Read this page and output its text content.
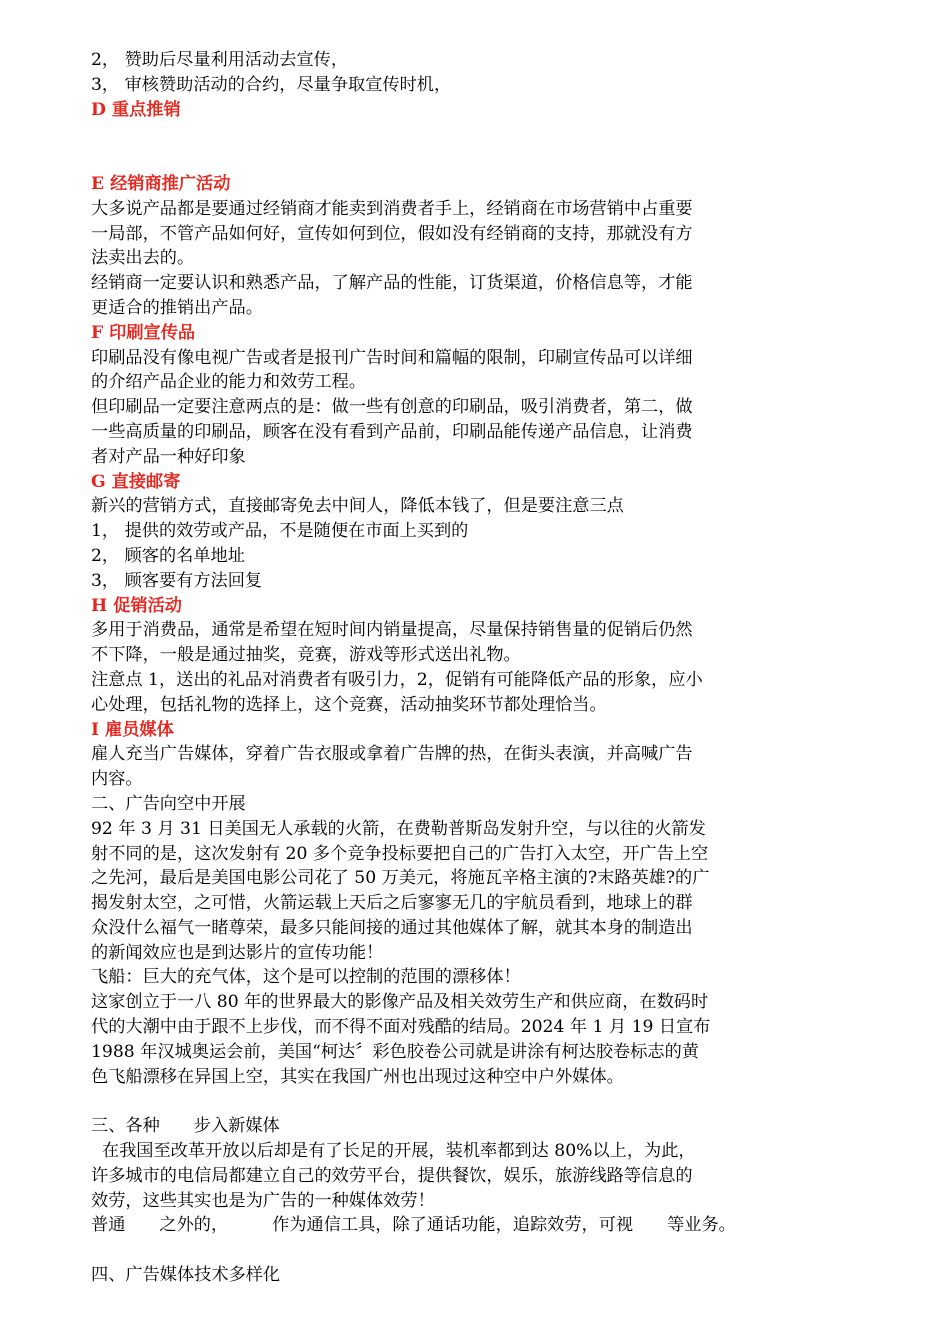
2， 赞助后尽量利用活动去宣传，
3， 审核赞助活动的合约，尽量争取宣传时机，
D 重点推销
E 经销商推广活动
大多说产品都是要通过经销商才能卖到消费者手上，经销商在市场营销中占重要
一局部，不管产品如何好，宣传如何到位，假如没有经销商的支持，那就没有方
法卖出去的。
经销商一定要认识和熟悉产品，了解产品的性能，订货渠道，价格信息等，才能
更适合的推销出产品。
F 印刷宣传品
印刷品没有像电视广告或者是报刊广告时间和篇幅的限制，印刷宣传品可以详细
的介绍产品企业的能力和效劳工程。
但印刷品一定要注意两点的是：做一些有创意的印刷品，吸引消费者，第二，做
一些高质量的印刷品，顾客在没有看到产品前，印刷品能传递产品信息，让消费
者对产品一种好印象
G 直接邮寄
新兴的营销方式，直接邮寄免去中间人，降低本钱了，但是要注意三点
1， 提供的效劳或产品，不是随便在市面上买到的
2， 顾客的名单地址
3， 顾客要有方法回复
H 促销活动
多用于消费品，通常是希望在短时间内销量提高，尽量保持销售量的促销后仍然
不下降，一般是通过抽奖，竞赛，游戏等形式送出礼物。
注意点 1，送出的礼品对消费者有吸引力，2，促销有可能降低产品的形象，应小
心处理，包括礼物的选择上，这个竞赛，活动抽奖环节都处理恰当。
I 雇员媒体
雇人充当广告媒体，穿着广告衣服或拿着广告牌的热，在街头表演，并高喊广告
内容。
二、广告向空中开展
92 年 3 月 31 日美国无人承载的火箭，在费勒普斯岛发射升空，与以往的火箭发
射不同的是，这次发射有 20 多个竞争投标要把自己的广告打入太空，开广告上空
之先河，最后是美国电影公司花了 50 万美元，将施瓦辛格主演的?末路英雄?的广
揭发射太空，之可惜，火箭运载上天后之后寥寥无几的宇航员看到，地球上的群
众没什么福气一睹尊荣，最多只能间接的通过其他媒体了解，就其本身的制造出
的新闻效应也是到达影片的宣传功能！
飞船：巨大的充气体，这个是可以控制的范围的漂移体！
这家创立于一八 80 年的世界最大的影像产品及相关效劳生产和供应商，在数码时
代的大潮中由于跟不上步伐，而不得不面对残酷的结局。2024 年 1 月 19 日宣布
1988 年汉城奥运会前，美国“柯达〞彩色胶卷公司就是讲涂有柯达胶卷标志的黄
色飞船漂移在异国上空，其实在我国广州也出现过这种空中户外媒体。
三、各种 步入新媒体
在我国至改革开放以后却是有了长足的开展，装机率都到达 80%以上，为此，
许多城市的电信局都建立自己的效劳平台，提供餐饮，娱乐，旅游线路等信息的
效劳，这些其实也是为广告的一种媒体效劳！
普通 之外的，	作为通信工具，除了通话功能，追踪效劳，可视 等业务。
四、广告媒体技术多样化
